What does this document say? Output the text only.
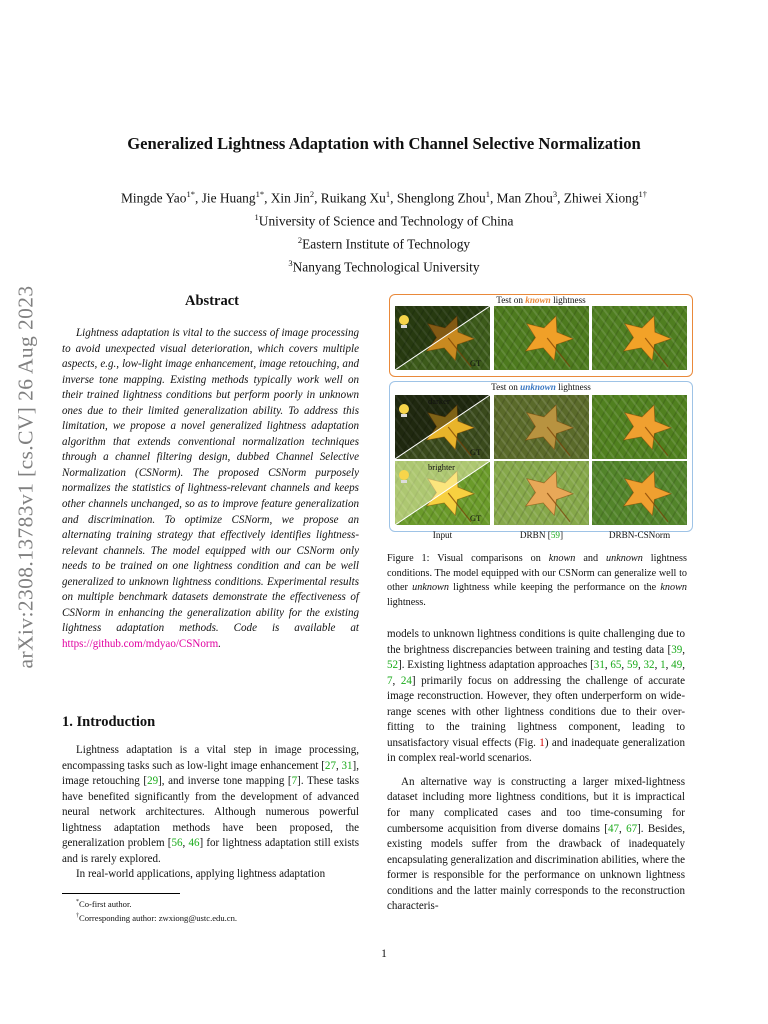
arXiv:2308.13783v1 [cs.CV] 26 Aug 2023
Generalized Lightness Adaptation with Channel Selective Normalization
Mingde Yao$^{1*}$, Jie Huang$^{1*}$, Xin Jin$^2$, Ruikang Xu$^1$, Shenglong Zhou$^1$, Man Zhou$^3$, Zhiwei Xiong$^{1\dagger}$
$^1$University of Science and Technology of China
$^2$Eastern Institute of Technology
$^3$Nanyang Technological University
Abstract
Lightness adaptation is vital to the success of image processing to avoid unexpected visual deterioration, which covers multiple aspects, e.g., low-light image enhancement, image retouching, and inverse tone mapping. Existing methods typically work well on their trained lightness conditions but perform poorly in unknown ones due to their limited generalization ability. To address this limitation, we propose a novel generalized lightness adaptation algorithm that extends conventional normalization techniques through a channel filtering design, dubbed Channel Selective Normalization (CSNorm). The proposed CSNorm purposely normalizes the statistics of lightness-relevant channels and keeps other channels unchanged, so as to improve feature generalization and discrimination. To optimize CSNorm, we propose an alternating training strategy that effectively identifies lightness-relevant channels. The model equipped with our CSNorm only needs to be trained on one lightness condition and can be well generalized to unknown lightness conditions. Experimental results on multiple benchmark datasets demonstrate the effectiveness of CSNorm in enhancing the generalization ability for the existing lightness adaptation methods. Code is available at https://github.com/mdyao/CSNorm.
1. Introduction

Lightness adaptation is a vital step in image processing, encompassing tasks such as low-light image enhancement [27, 31], image retouching [29], and inverse tone mapping [7]. These tasks have benefited significantly from the development of advanced neural network architectures. Although numerous powerful lightness adaptation methods have been proposed, the generalization problem [56, 46] for lightness adaptation still exists and is rarely explored.

In real-world applications, applying lightness adaptation

*Co-first author.
†Corresponding author: zwxiong@ustc.edu.cn.
Test on known lightness
Test on unknown lightness
GT
GT
darker
GT
brighter
Input	DRBN [59]	DRBN-CSNorm
Figure 1: Visual comparisons on known and unknown lightness conditions. The model equipped with our CSNorm can generalize well to other unknown lightness while keeping the performance on the known lightness.

models to unknown lightness conditions is quite challenging due to the brightness discrepancies between training and testing data [39, 52]. Existing lightness adaptation approaches [31, 65, 59, 32, 1, 49, 7, 24] primarily focus on addressing the challenge of accurate image reconstruction. However, they often underperform on wide-range scenes with other lightness conditions due to their over-fitting to the training lightness component, leading to unsatisfactory visual effects (Fig. 1) and inadequate generalization in complex real-world scenarios.

An alternative way is constructing a larger mixed-lightness dataset including more lightness conditions, but it is impractical for many complicated cases and too time-consuming for cumbersome acquisition from diverse domains [47, 67]. Besides, existing models suffer from the drawback of inadequately encapsulating generalization and discrimination abilities, where the former is responsible for the performance on unknown lightness conditions and the latter mainly corresponds to the reconstruction characteris-

1
